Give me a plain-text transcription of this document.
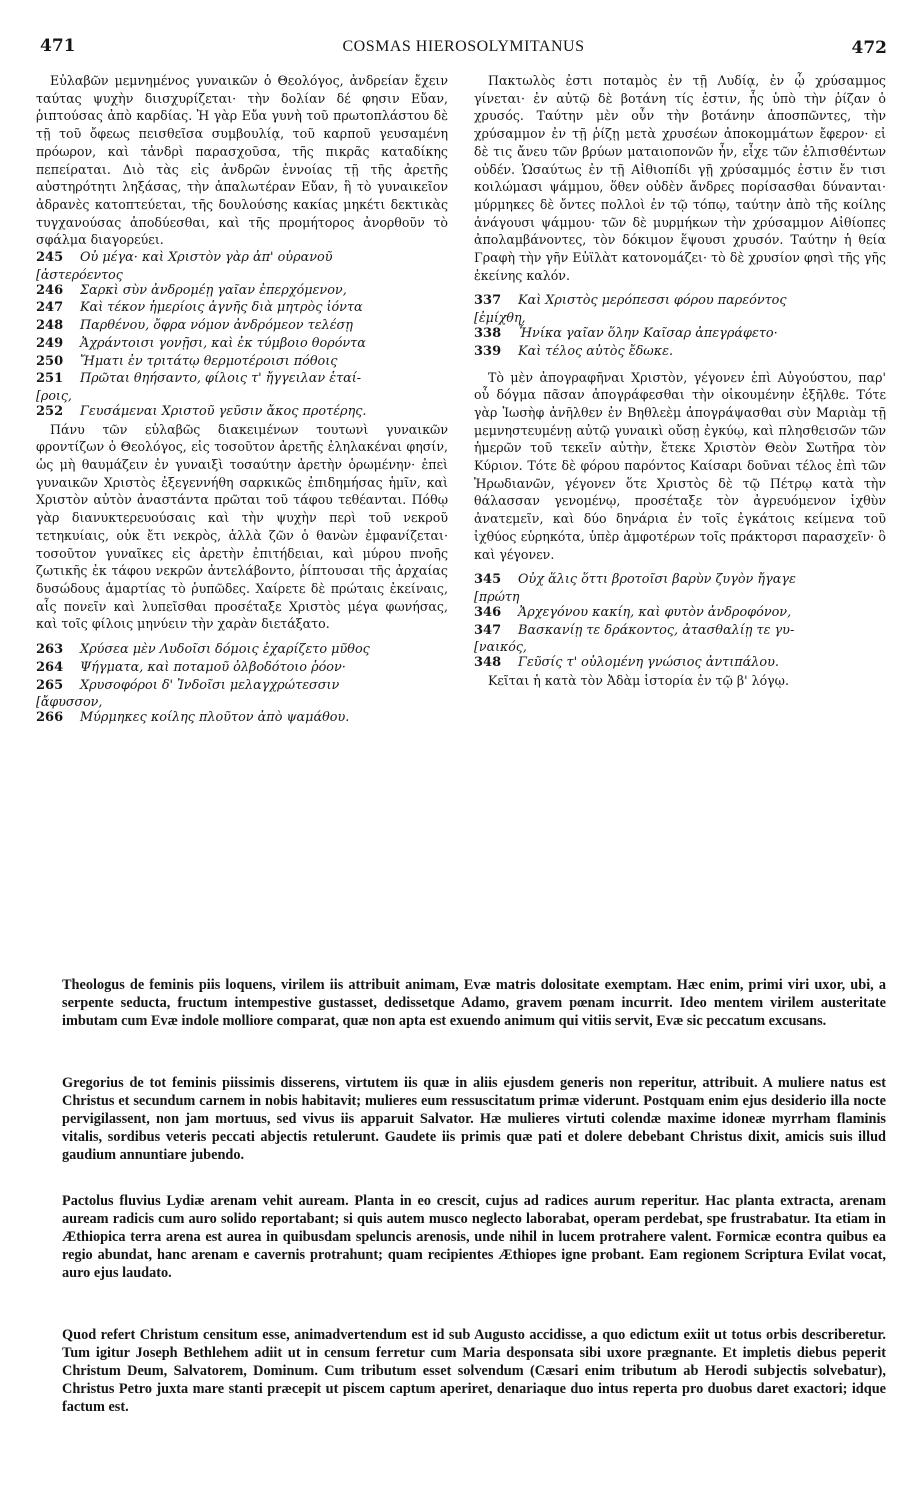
471	COSMAS HIEROSOLYMITANUS	472

Εὐλαβῶν μεμνημένος γυναικῶν ὁ Θεολόγος, ἀνδρείαν ἔχειν ταύτας ψυχὴν διισχυρίζεται· τὴν δολίαν δέ φησιν Εὔαν, ῥιπτούσας ἀπὸ καρδίας. Ἡ γὰρ Εὔα γυνὴ τοῦ πρωτοπλάστου δὲ τῇ τοῦ ὄφεως πεισθεῖσα συμβουλίᾳ, τοῦ καρποῦ γευσαμένη πρόωρον, καὶ τἀνδρὶ παρασχοῦσα, τῆς πικρᾶς καταδίκης πεπείραται. Διὸ τὰς εἰς ἀνδρῶν ἐννοίας τῇ τῆς ἀρετῆς αὐστηρότητι ληξάσας, τὴν ἁπαλωτέραν Εὔαν, ἣ τὸ γυναικεῖον ἀδρανὲς κατοπτεύεται, τῆς δουλούσης κακίας μηκέτι δεκτικὰς τυγχανούσας ἀποδύεσθαι, καὶ τῆς προμήτορος ἀνορθοῦν τὸ σφάλμα διαγορεύει.

245 Οὐ μέγα· καὶ Χριστὸν γὰρ ἀπ' οὐρανοῦ

[ἀστερόεντος

246 Σαρκὶ σὺν ἀνδρομέῃ γαῖαν ἐπερχόμενον,

247 Καὶ τέκον ἡμερίοις ἁγνῆς διὰ μητρὸς ἰόντα

248 Παρθένου, ὄφρα νόμον ἀνδρόμεον τελέσῃ

249 Ἀχράντοισι γονῇσι, καὶ ἐκ τύμβοιο θορόντα

250 Ἤματι ἐν τριτάτῳ θερμοτέροισι πόθοις

251 Πρῶται θηήσαντο, φίλοις τ' ἤγγειλαν ἑταί-

[ροις,

252 Γευσάμεναι Χριστοῦ γεῦσιν ἄκος προτέρης.

Πάνυ τῶν εὐλαβῶς διακειμένων τουτωνὶ γυναικῶν φροντίζων ὁ Θεολόγος, εἰς τοσοῦτον ἀρετῆς ἐληλακέναι φησίν, ὡς μὴ θαυμάζειν ἐν γυναιξὶ τοσαύτην ἀρετὴν ὁρωμένην· ἐπεὶ γυναικῶν Χριστὸς ἐξεγεννήθη σαρκικῶς ἐπιδημήσας ἡμῖν, καὶ Χριστὸν αὐτὸν ἀναστάντα πρῶται τοῦ τάφου τεθέανται. Πόθῳ γὰρ διανυκτερευούσαις καὶ τὴν ψυχὴν περὶ τοῦ νεκροῦ τετηκυίαις, οὐκ ἔτι νεκρὸς, ἀλλὰ ζῶν ὁ θανὼν ἐμφανίζεται· τοσοῦτον γυναῖκες εἰς ἀρετὴν ἐπιτήδειαι, καὶ μύρου πνοῆς ζωτικῆς ἐκ τάφου νεκρῶν ἀντελάβοντο, ῥίπτουσαι τῆς ἀρχαίας δυσώδους ἁμαρτίας τὸ ῥυπῶδες. Χαίρετε δὲ πρώταις ἐκείναις, αἷς πονεῖν καὶ λυπεῖσθαι προσέταξε Χριστὸς μέγα φωνήσας, καὶ τοῖς φίλοις μηνύειν τὴν χαρὰν διετάξατο.

263 Χρύσεα μὲν Λυδοῖσι δόμοις ἐχαρίζετο μῦθος

264 Ψήγματα, καὶ ποταμοῦ ὀλβοδότοιο ῥόον·

265 Χρυσοφόροι δ' Ἰνδοῖσι μελαγχρώτεσσιν

[ἄφυσσον,

266 Μύρμηκες κοίλης πλοῦτον ἀπὸ ψαμάθου.

Πακτωλὸς ἐστι ποταμὸς ἐν τῇ Λυδίᾳ, ἐν ᾧ χρύσαμμος γίνεται· ἐν αὐτῷ δὲ βοτάνη τίς ἐστιν, ἧς ὑπὸ τὴν ῥίζαν ὁ χρυσός. Ταύτην μὲν οὖν τὴν βοτάνην ἀποσπῶντες, τὴν χρύσαμμον ἐν τῇ ῥίζῃ μετὰ χρυσέων ἀποκομμάτων ἔφερον· εἰ δὲ τις ἄνευ τῶν βρύων ματαιοπονῶν ἦν, εἶχε τῶν ἐλπισθέντων οὐδέν. Ὡσαύτως ἐν τῇ Αἰθιοπίδι γῇ χρύσαμμός ἐστιν ἔν τισι κοιλώμασι ψάμμου, ὅθεν οὐδὲν ἄνδρες πορίσασθαι δύνανται· μύρμηκες δὲ ὄντες πολλοὶ ἐν τῷ τόπῳ, ταύτην ἀπὸ τῆς κοίλης ἀνάγουσι ψάμμου· τῶν δὲ μυρμήκων τὴν χρύσαμμον Αἰθίοπες ἀπολαμβάνοντες, τὸν δόκιμον ἕψουσι χρυσόν. Ταύτην ἡ θεία Γραφὴ τὴν γῆν Εὐϊλὰτ κατονομάζει· τὸ δὲ χρυσίον φησὶ τῆς γῆς ἐκείνης καλόν.

337 Καὶ Χριστὸς μερόπεσσι φόρου παρεόντος

[ἐμίχθη,

338 Ἦνίκα γαῖαν ὅλην Καῖσαρ ἀπεγράφετο·

339 Καὶ τέλος αὐτὸς ἔδωκε.

Τὸ μὲν ἀπογραφῆναι Χριστὸν, γέγονεν ἐπὶ Αὐγούστου, παρ' οὗ δόγμα πᾶσαν ἀπογράφεσθαι τὴν οἰκουμένην ἐξῆλθε. Τότε γὰρ Ἰωσὴφ ἀνῆλθεν ἐν Βηθλεὲμ ἀπογράψασθαι σὺν Μαριὰμ τῇ μεμνηστευμένῃ αὐτῷ γυναικὶ οὔσῃ ἐγκύῳ, καὶ πλησθεισῶν τῶν ἡμερῶν τοῦ τεκεῖν αὐτὴν, ἔτεκε Χριστὸν Θεὸν Σωτῆρα τὸν Κύριον. Τότε δὲ φόρου παρόντος Καίσαρι δοῦναι τέλος ἐπὶ τῶν Ἡρωδιανῶν, γέγονεν ὅτε Χριστὸς δὲ τῷ Πέτρῳ κατὰ τὴν θάλασσαν γενομένῳ, προσέταξε τὸν ἀγρευόμενον ἰχθὺν ἀνατεμεῖν, καὶ δύο δηνάρια ἐν τοῖς ἐγκάτοις κείμενα τοῦ ἰχθύος εὑρηκότα, ὑπὲρ ἀμφοτέρων τοῖς πράκτορσι παρασχεῖν· ὃ καὶ γέγονεν.

345 Οὐχ ἅλις ὅττι βροτοῖσι βαρὺν ζυγὸν ἤγαγε

[πρώτη

346 Ἀρχεγόνου κακίη, καὶ φυτὸν ἀνδροφόνον,

347 Βασκανίῃ τε δράκοντος, ἀτασθαλίῃ τε γυ-

[ναικός,

348 Γεῦσίς τ' οὐλομένη γνώσιος ἀντιπάλου.

Κεῖται ἡ κατὰ τὸν Ἀδὰμ ἱστορία ἐν τῷ β' λόγῳ.

Theologus de feminis piis loquens, virilem iis attribuit animam, Evæ matris dolositate exemptam. Hæc enim, primi viri uxor, ubi, a serpente seducta, fructum intempestive gustasset, dedissetque Adamo, gravem pœnam incurrit. Ideo mentem virilem austeritate imbutam cum Evæ indole molliore comparat, quæ non apta est exuendo animum qui vitiis servit, Evæ sic peccatum excusans.

Gregorius de tot feminis piissimis disserens, virtutem iis quæ in aliis ejusdem generis non reperitur, attribuit. A muliere natus est Christus et secundum carnem in nobis habitavit; mulieres eum ressuscitatum primæ viderunt. Postquam enim ejus desiderio illa nocte pervigilassent, non jam mortuus, sed vivus iis apparuit Salvator. Hæ mulieres virtuti colendæ maxime idoneæ myrrham flaminis vitalis, sordibus veteris peccati abjectis retulerunt. Gaudete iis primis quæ pati et dolere debebant Christus dixit, amicis suis illud gaudium annuntiare jubendo.

Pactolus fluvius Lydiæ arenam vehit auream. Planta in eo crescit, cujus ad radices aurum reperitur. Hac planta extracta, arenam auream radicis cum auro solido reportabant; si quis autem musco neglecto laborabat, operam perdebat, spe frustrabatur. Ita etiam in Æthiopica terra arena est aurea in quibusdam speluncis arenosis, unde nihil in lucem protrahere valent. Formicæ econtra quibus ea regio abundat, hanc arenam e cavernis protrahunt; quam recipientes Æthiopes igne probant. Eam regionem Scriptura Evilat vocat, auro ejus laudato.

Quod refert Christum censitum esse, animadvertendum est id sub Augusto accidisse, a quo edictum exiit ut totus orbis describeretur. Tum igitur Joseph Bethlehem adiit ut in censum ferretur cum Maria desponsata sibi uxore prægnante. Et impletis diebus peperit Christum Deum, Salvatorem, Dominum. Cum tributum esset solvendum (Cæsari enim tributum ab Herodi subjectis solvebatur), Christus Petro juxta mare stanti præcepit ut piscem captum aperiret, denariaque duo intus reperta pro duobus daret exactori; idque factum est.
